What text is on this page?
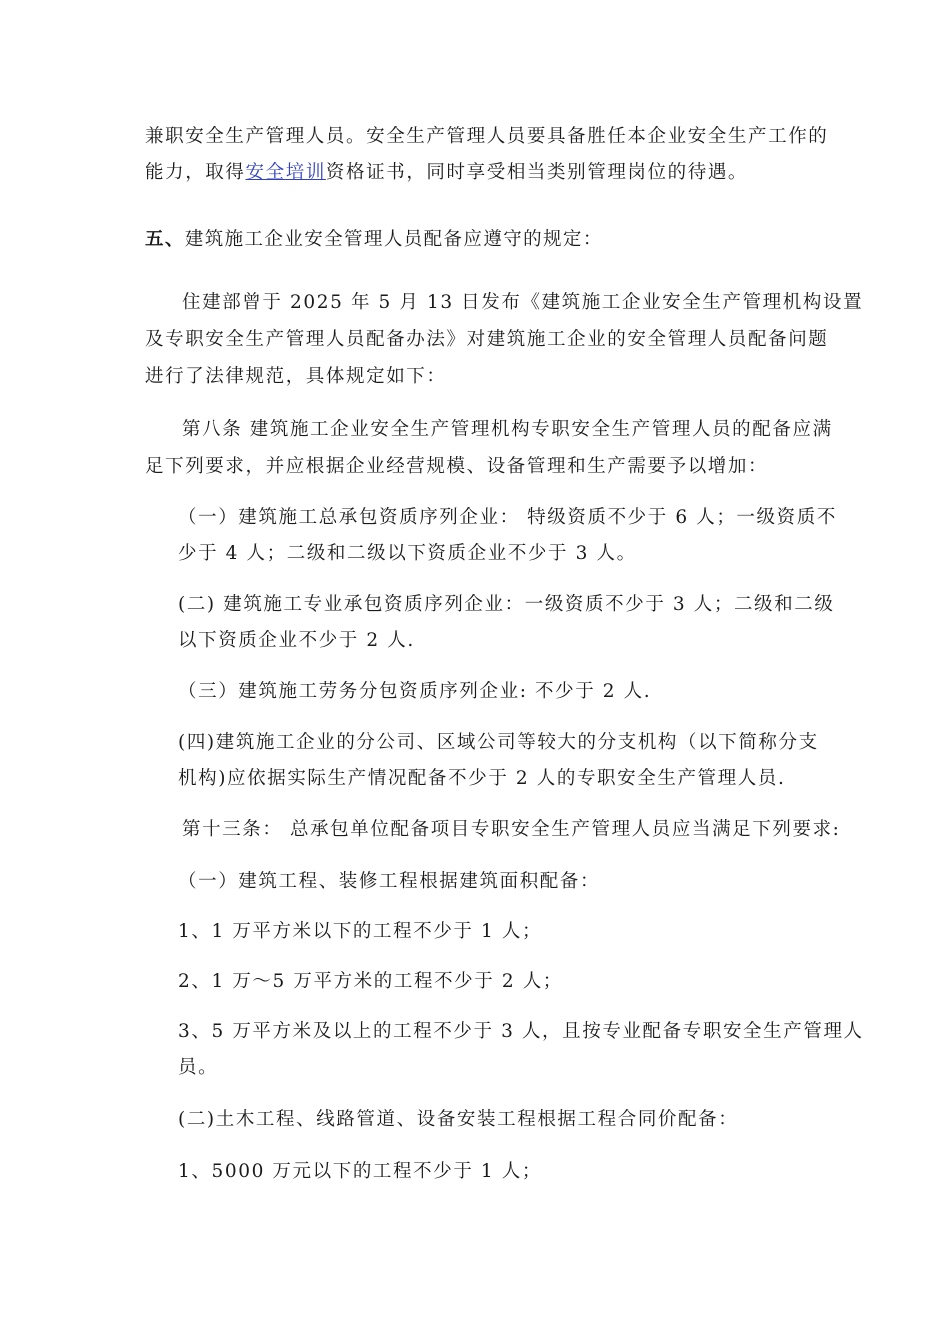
兼职安全生产管理人员。安全生产管理人员要具备胜任本企业安全生产工作的
能力，取得安全培训资格证书，同时享受相当类别管理岗位的待遇。
五、建筑施工企业安全管理人员配备应遵守的规定：
住建部曾于 2025 年 5 月 13 日发布《建筑施工企业安全生产管理机构设置
及专职安全生产管理人员配备办法》对建筑施工企业的安全管理人员配备问题
进行了法律规范，具体规定如下：
第八条 建筑施工企业安全生产管理机构专职安全生产管理人员的配备应满
足下列要求，并应根据企业经营规模、设备管理和生产需要予以增加：
（一）建筑施工总承包资质序列企业： 特级资质不少于 6 人；一级资质不
少于 4 人；二级和二级以下资质企业不少于 3 人。
(二) 建筑施工专业承包资质序列企业：一级资质不少于 3 人；二级和二级
以下资质企业不少于 2 人.
（三）建筑施工劳务分包资质序列企业: 不少于 2 人.
(四)建筑施工企业的分公司、区域公司等较大的分支机构（以下简称分支
机构)应依据实际生产情况配备不少于 2 人的专职安全生产管理人员.
第十三条： 总承包单位配备项目专职安全生产管理人员应当满足下列要求:
（一）建筑工程、装修工程根据建筑面积配备：
1、1 万平方米以下的工程不少于 1 人；
2、1 万～5 万平方米的工程不少于 2 人；
3、5 万平方米及以上的工程不少于 3 人，且按专业配备专职安全生产管理人
员。
(二)土木工程、线路管道、设备安装工程根据工程合同价配备：
1、5000 万元以下的工程不少于 1 人；
